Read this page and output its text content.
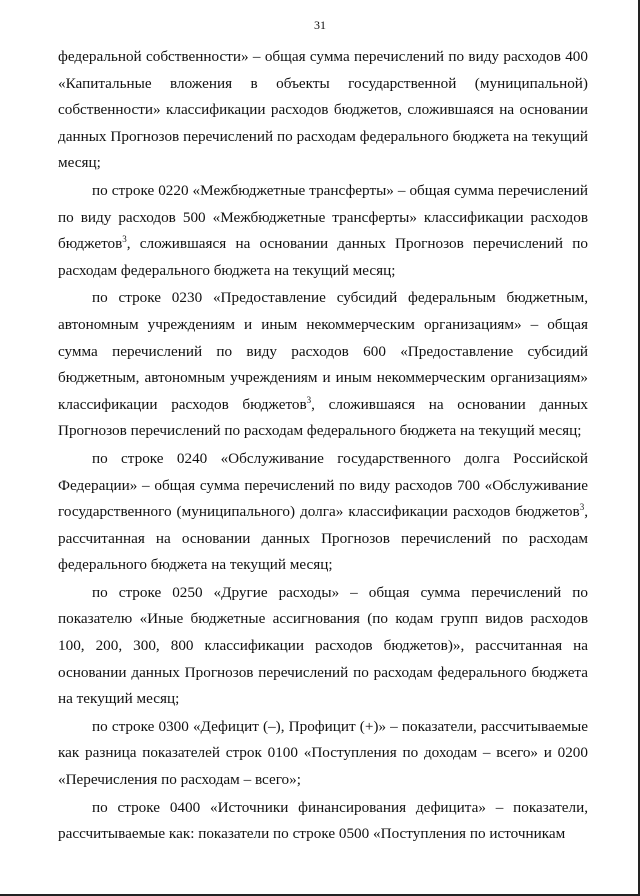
31

федеральной собственности» – общая сумма перечислений по виду расходов 400 «Капитальные вложения в объекты государственной (муниципальной) собственности» классификации расходов бюджетов, сложившаяся на основании данных Прогнозов перечислений по расходам федерального бюджета на текущий месяц;

по строке 0220 «Межбюджетные трансферты» – общая сумма перечислений по виду расходов 500 «Межбюджетные трансферты» классификации расходов бюджетов$^3$, сложившаяся на основании данных Прогнозов перечислений по расходам федерального бюджета на текущий месяц;

по строке 0230 «Предоставление субсидий федеральным бюджетным, автономным учреждениям и иным некоммерческим организациям» – общая сумма перечислений по виду расходов 600 «Предоставление субсидий бюджетным, автономным учреждениям и иным некоммерческим организациям» классификации расходов бюджетов$^3$, сложившаяся на основании данных Прогнозов перечислений по расходам федерального бюджета на текущий месяц;

по строке 0240 «Обслуживание государственного долга Российской Федерации» – общая сумма перечислений по виду расходов 700 «Обслуживание государственного (муниципального) долга» классификации расходов бюджетов$^3$, рассчитанная на основании данных Прогнозов перечислений по расходам федерального бюджета на текущий месяц;

по строке 0250 «Другие расходы» – общая сумма перечислений по показателю «Иные бюджетные ассигнования (по кодам групп видов расходов 100, 200, 300, 800 классификации расходов бюджетов)», рассчитанная на основании данных Прогнозов перечислений по расходам федерального бюджета на текущий месяц;

по строке 0300 «Дефицит (–), Профицит (+)» – показатели, рассчитываемые как разница показателей строк 0100 «Поступления по доходам – всего» и 0200 «Перечисления по расходам – всего»;

по строке 0400 «Источники финансирования дефицита» – показатели, рассчитываемые как: показатели по строке 0500 «Поступления по источникам
